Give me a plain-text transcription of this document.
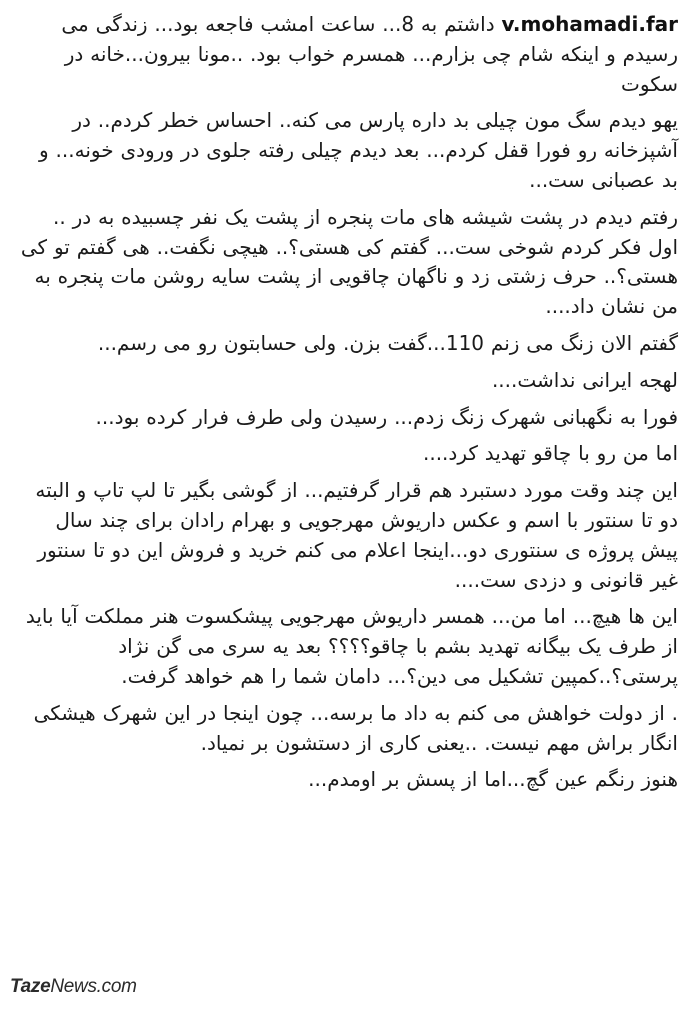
v.mohamadi.far داشتم به 8... ساعت امشب فاجعه بود... زندگی می رسیدم و اینکه شام چی بزارم... همسرم خواب بود. ..مونا بیرون...خانه در سکوت

یهو دیدم سگ مون چیلی بد داره پارس می کنه.. احساس خطر کردم.. در آشپزخانه رو فورا قفل کردم... بعد دیدم چیلی رفته جلوی در ورودی خونه... و بد عصبانی ست...

رفتم دیدم در پشت شیشه های مات پنجره از پشت یک نفر چسبیده به در .. اول فکر کردم شوخی ست... گفتم کی هستی؟.. هیچی نگفت.. هی گفتم تو کی هستی؟.. حرف زشتی زد و ناگهان چاقویی از پشت سایه روشن مات پنجره به من نشان داد....

گفتم الان زنگ می زنم 110...گفت بزن. ولی حسابتون رو می رسم...

لهجه ایرانی نداشت....

فورا به نگهبانی شهرک زنگ زدم... رسیدن ولی طرف فرار کرده بود...

اما من رو با چاقو تهدید کرد....

این چند وقت مورد دستبرد هم قرار گرفتیم... از گوشی بگیر تا لپ تاپ و البته دو تا سنتور با اسم و عکس داریوش مهرجویی و بهرام رادان برای چند سال پیش پروژه ی سنتوری دو...اینجا اعلام می کنم خرید و فروش این دو تا سنتور غیر قانونی و دزدی ست....

این ها هیچ... اما من... همسر داریوش مهرجویی پیشکسوت هنر مملکت آیا باید از طرف یک بیگانه تهدید بشم با چاقو؟؟؟؟ بعد یه سری می گن نژاد پرستی؟..کمپین تشکیل می دین؟... دامان شما را هم خواهد گرفت.

. از دولت خواهش می کنم به داد ما برسه... چون اینجا در این شهرک هیشکی انگار براش مهم نیست. ..یعنی کاری از دستشون بر نمیاد.

هنوز رنگم عین گچ...اما از پسش بر اومدم...

TazeNews.com
